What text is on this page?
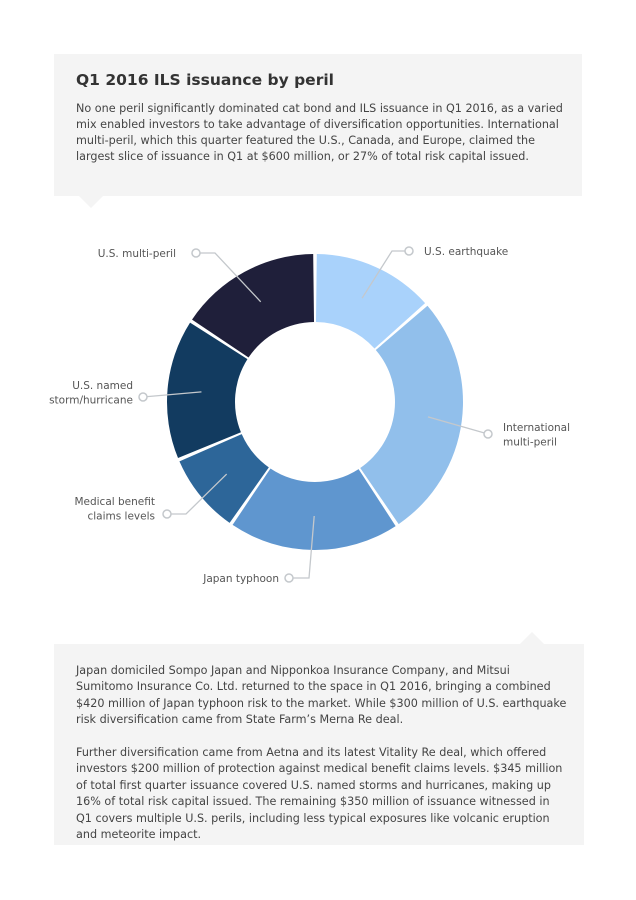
Q1 2016 ILS issuance by peril

No one peril significantly dominated cat bond and ILS issuance in Q1 2016, as a varied mix enabled investors to take advantage of diversification opportunities. International multi-peril, which this quarter featured the U.S., Canada, and Europe, claimed the largest slice of issuance in Q1 at $600 million, or 27% of total risk capital issued.

U.S. earthquake
International multi-peril
Japan typhoon
Medical benefit claims levels
U.S. named storm/hurricane
U.S. multi-peril

Japan domiciled Sompo Japan and Nipponkoa Insurance Company, and Mitsui Sumitomo Insurance Co. Ltd. returned to the space in Q1 2016, bringing a combined $420 million of Japan typhoon risk to the market. While $300 million of U.S. earthquake risk diversification came from State Farm’s Merna Re deal.

Further diversification came from Aetna and its latest Vitality Re deal, which offered investors $200 million of protection against medical benefit claims levels. $345 million of total first quarter issuance covered U.S. named storms and hurricanes, making up 16% of total risk capital issued. The remaining $350 million of issuance witnessed in Q1 covers multiple U.S. perils, including less typical exposures like volcanic eruption and meteorite impact.
